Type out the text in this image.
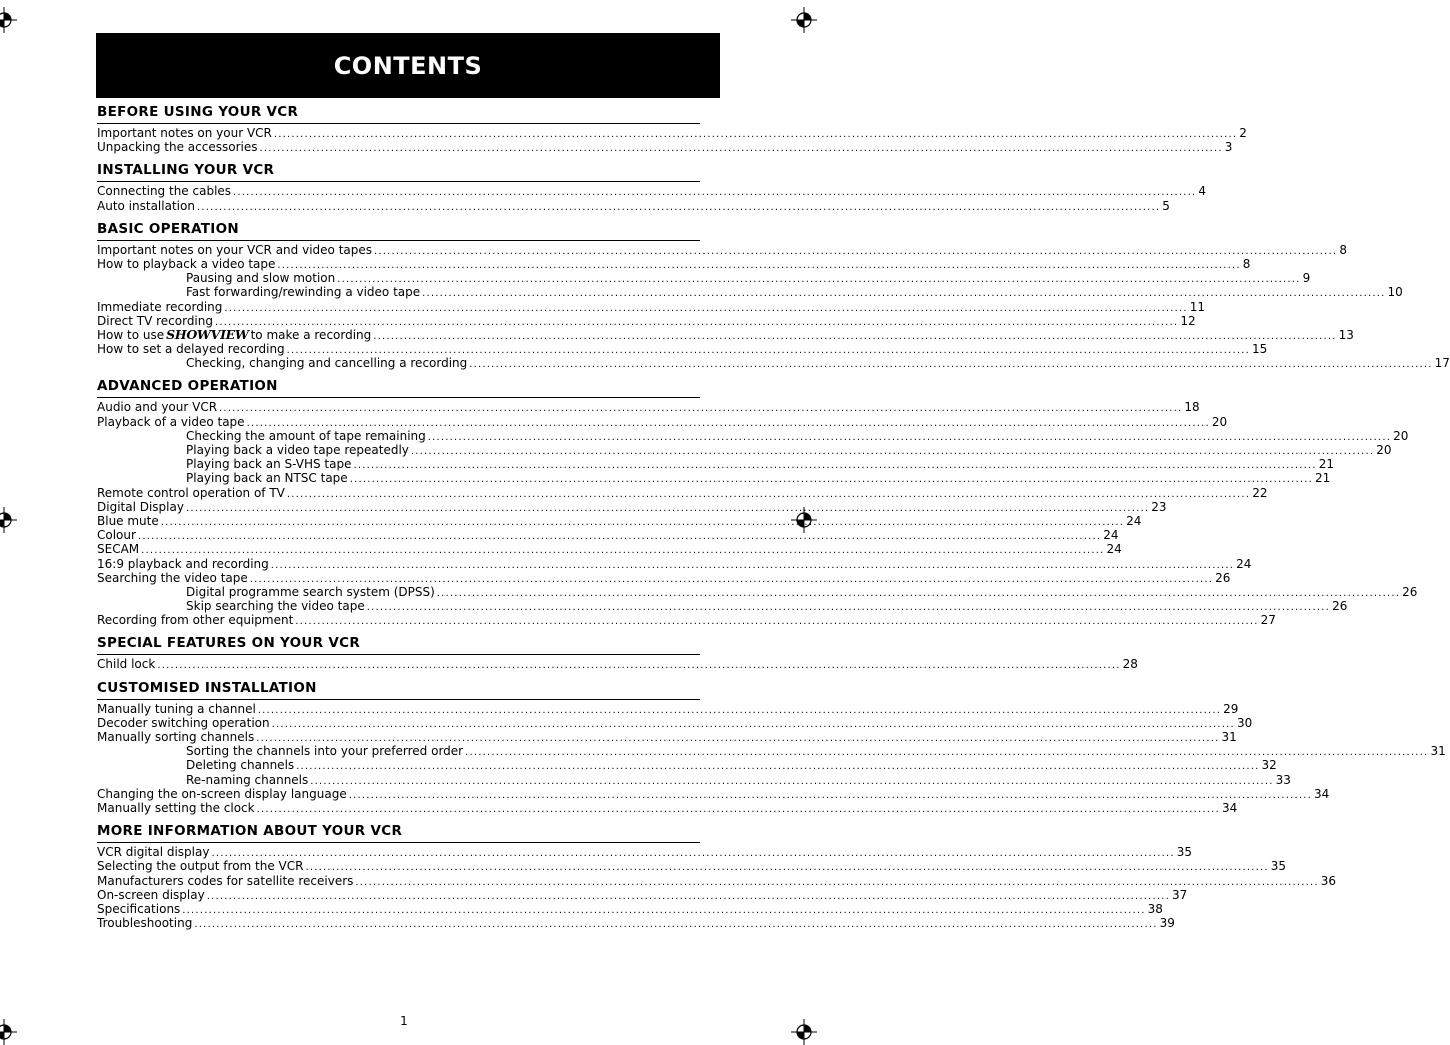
CONTENTS
BEFORE USING YOUR VCR
Important notes on your VCR ............................................................................................................................................................................................................................ 2
Unpacking the accessories ............................................................................................................................................................................................................................ 3
INSTALLING YOUR VCR
Connecting the cables ............................................................................................................................................................................................................................ 4
Auto installation ............................................................................................................................................................................................................................ 5
BASIC OPERATION
Important notes on your VCR and video tapes ............................................................................................................................................................................................................................ 8
How to playback a video tape ............................................................................................................................................................................................................................ 8
Pausing and slow motion ............................................................................................................................................................................................................................ 9
Fast forwarding/rewinding a video tape ............................................................................................................................................................................................................................ 10
Immediate recording ............................................................................................................................................................................................................................ 11
Direct TV recording ............................................................................................................................................................................................................................ 12
How to use SHOWVIEW to make a recording ............................................................................................................................................................................................................................ 13
How to set a delayed recording ............................................................................................................................................................................................................................ 15
Checking, changing and cancelling a recording ............................................................................................................................................................................................................................ 17
ADVANCED OPERATION
Audio and your VCR ............................................................................................................................................................................................................................ 18
Playback of a video tape ............................................................................................................................................................................................................................ 20
Checking the amount of tape remaining ............................................................................................................................................................................................................................ 20
Playing back a video tape repeatedly ............................................................................................................................................................................................................................ 20
Playing back an S-VHS tape ............................................................................................................................................................................................................................ 21
Playing back an NTSC tape ............................................................................................................................................................................................................................ 21
Remote control operation of TV ............................................................................................................................................................................................................................ 22
Digital Display ............................................................................................................................................................................................................................ 23
Blue mute ............................................................................................................................................................................................................................ 24
Colour ............................................................................................................................................................................................................................ 24
SECAM ............................................................................................................................................................................................................................ 24
16:9 playback and recording ............................................................................................................................................................................................................................ 24
Searching the video tape ............................................................................................................................................................................................................................ 26
Digital programme search system (DPSS) ............................................................................................................................................................................................................................ 26
Skip searching the video tape ............................................................................................................................................................................................................................ 26
Recording from other equipment ............................................................................................................................................................................................................................ 27
SPECIAL FEATURES ON YOUR VCR
Child lock ............................................................................................................................................................................................................................ 28
CUSTOMISED INSTALLATION
Manually tuning a channel ............................................................................................................................................................................................................................ 29
Decoder switching operation ............................................................................................................................................................................................................................ 30
Manually sorting channels ............................................................................................................................................................................................................................ 31
Sorting the channels into your preferred order ............................................................................................................................................................................................................................ 31
Deleting channels ............................................................................................................................................................................................................................ 32
Re-naming channels ............................................................................................................................................................................................................................ 33
Changing the on-screen display language ............................................................................................................................................................................................................................ 34
Manually setting the clock ............................................................................................................................................................................................................................ 34
MORE INFORMATION ABOUT YOUR VCR
VCR digital display ............................................................................................................................................................................................................................ 35
Selecting the output from the VCR ............................................................................................................................................................................................................................ 35
Manufacturers codes for satellite receivers ............................................................................................................................................................................................................................ 36
On-screen display ............................................................................................................................................................................................................................ 37
Specifications ............................................................................................................................................................................................................................ 38
Troubleshooting ............................................................................................................................................................................................................................ 39
1
